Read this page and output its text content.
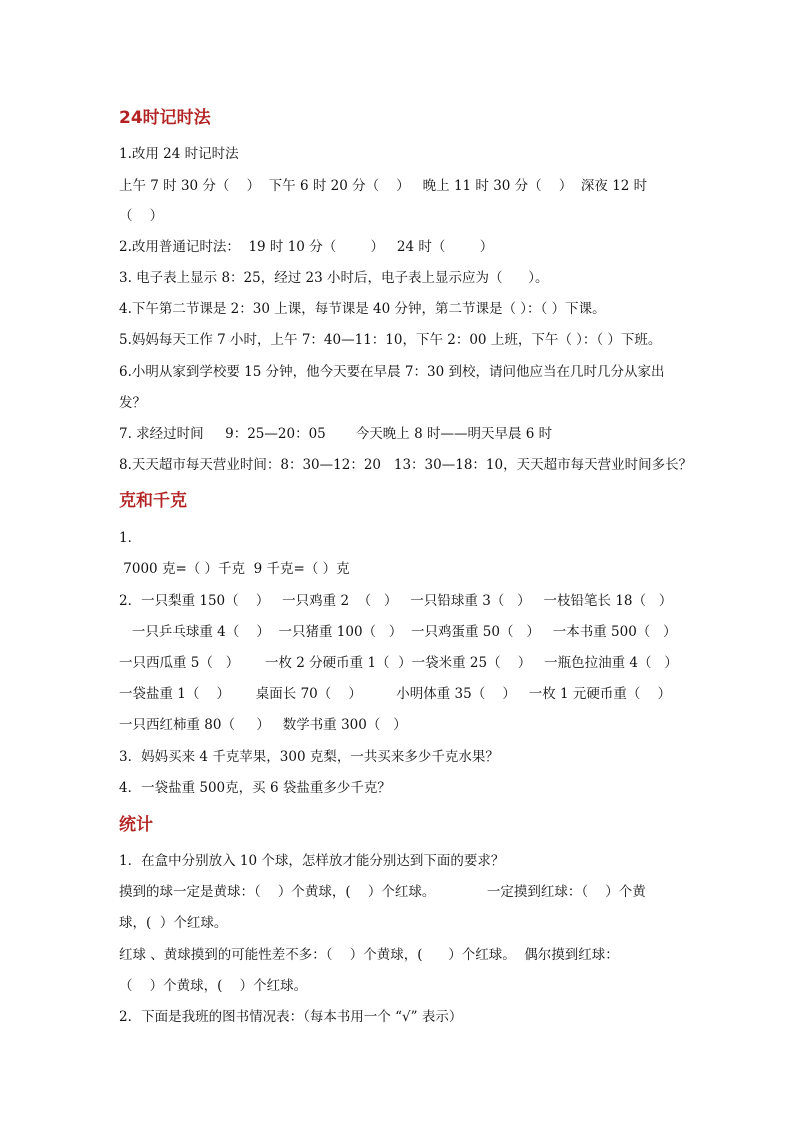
24时记时法
1.改用 24 时记时法
上午 7 时 30 分（    ）  下午 6 时 20 分（    ）   晚上 11 时 30 分（    ）  深夜 12 时
（    ）
2.改用普通记时法：  19 时 10 分（        ）   24 时（        ）
3. 电子表上显示 8：25，经过 23 小时后，电子表上显示应为（      ）。
4.下午第二节课是 2：30 上课，每节课是 40 分钟，第二节课是（ ）：（ ）下课。
5.妈妈每天工作 7 小时，上午 7：40—11：10，下午 2：00 上班，下午（ ）：（ ）下班。
6.小明从家到学校要 15 分钟，他今天要在早晨 7：30 到校，请问他应当在几时几分从家出
发？
7. 求经过时间     9：25—20：05       今天晚上 8 时——明天早晨 6 时
8.天天超市每天营业时间：8：30—12：20   13：30—18：10，天天超市每天营业时间多长？
克和千克
1．
7000 克=（ ）千克  9 千克=（ ）克
2．一只梨重 150（    ）   一只鸡重 2  （   ）   一只铅球重 3（   ）   一枝铅笔长 18（   ）
一只乒乓球重 4（    ）  一只猪重 100（   ）  一只鸡蛋重 50（   ）   一本书重 500（   ）
一只西瓜重 5（   ）      一枚 2 分硬币重 1（  ）一袋米重 25（    ）   一瓶色拉油重 4（   ）
一袋盐重 1（    ）      桌面长 70（    ）        小明体重 35（    ）   一枚 1 元硬币重（    ）
一只西红柿重 80（     ）   数学书重 300（   ）
3．妈妈买来 4 千克苹果，300 克梨，一共买来多少千克水果？
4．一袋盐重 500克，买 6 袋盐重多少千克？
统计
1．在盒中分别放入 10 个球，怎样放才能分别达到下面的要求？
摸到的球一定是黄球：（    ）个黄球，(    ）个红球。            一定摸到红球：（    ）个黄
球，(  ）个红球。
红球 、黄球摸到的可能性差不多：（    ）个黄球，(      ）个红球。  偶尔摸到红球：
（    ）个黄球，(    ）个红球。
2．下面是我班的图书情况表：（每本书用一个 “√” 表示）
